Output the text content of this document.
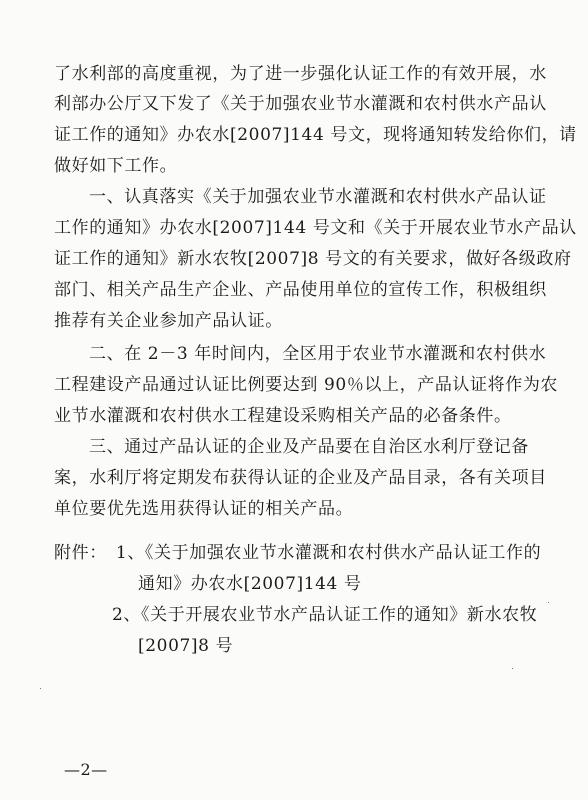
了水利部的高度重视，为了进一步强化认证工作的有效开展，水
利部办公厅又下发了《关于加强农业节水灌溉和农村供水产品认
证工作的通知》办农水[2007]144 号文，现将通知转发给你们，请
做好如下工作。
一、认真落实《关于加强农业节水灌溉和农村供水产品认证
工作的通知》办农水[2007]144 号文和《关于开展农业节水产品认
证工作的通知》新水农牧[2007]8 号文的有关要求，做好各级政府
部门、相关产品生产企业、产品使用单位的宣传工作，积极组织
推荐有关企业参加产品认证。
二、在 2－3 年时间内，全区用于农业节水灌溉和农村供水
工程建设产品通过认证比例要达到 90％以上，产品认证将作为农
业节水灌溉和农村供水工程建设采购相关产品的必备条件。
三、通过产品认证的企业及产品要在自治区水利厅登记备
案，水利厅将定期发布获得认证的企业及产品目录，各有关项目
单位要优先选用获得认证的相关产品。
附件：　1、《关于加强农业节水灌溉和农村供水产品认证工作的
通知》办农水[2007]144 号
2、《关于开展农业节水产品认证工作的通知》新水农牧
[2007]8 号
—2—
